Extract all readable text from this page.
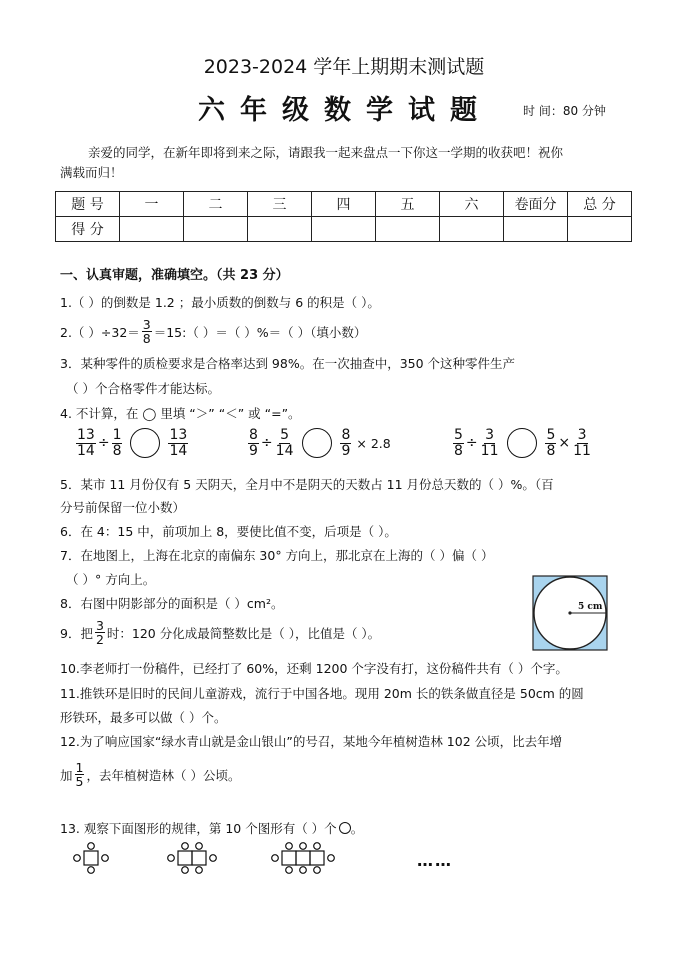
2023-2024 学年上期期末测试题
六年级数学试题	时 间：80 分钟
亲爱的同学，在新年即将到来之际，请跟我一起来盘点一下你这一学期的收获吧！祝你
满载而归！
题 号	一	二	三	四	五	六	卷面分	总 分
得 分								
一、认真审题，准确填空。（共 23 分）
1.（ ）的倒数是 1.2 ；最小质数的倒数与 6 的积是（ ）。
2.（ ）$\div 32= \frac{3}{8}$ ＝15:（ ）＝（ ）%＝（ ）（填小数）
3．某种零件的质检要求是合格率达到 98%。在一次抽查中，350 个这种零件生产
（ ）个合格零件才能达标。
4. 不计算，在 ◯ 里填 “＞” “＜” 或 “=”。
$\frac{13}{14} \div \frac{1}{8}$	$\frac{13}{14}$	$\frac{8}{9} \div \frac{5}{14}$	$\frac{8}{9} \times 2.8$	$\frac{5}{8} \div \frac{3}{11}$	$\frac{5}{8} \times \frac{3}{11}$
5．某市 11 月份仅有 5 天阴天，全月中不是阴天的天数占 11 月份总天数的（ ）%。（百
分号前保留一位小数）
6．在 4：15 中，前项加上 8，要使比值不变，后项是（ ）。
7．在地图上，上海在北京的南偏东 30° 方向上，那北京在上海的（ ）偏（ ）
（ ）° 方向上。
8．右图中阴影部分的面积是（ ）cm²。	5 cm
9．把 $\frac{3}{2}$ 时：120 分化成最简整数比是（ ），比值是（ ）。
10.李老师打一份稿件，已经打了 60%，还剩 1200 个字没有打，这份稿件共有（ ）个字。
11.推铁环是旧时的民间儿童游戏，流行于中国各地。现用 20m 长的铁条做直径是 50cm 的圆
形铁环，最多可以做（ ）个。
12.为了响应国家“绿水青山就是金山银山”的号召，某地今年植树造林 102 公顷，比去年增
加 $\frac{1}{5}$ ，去年植树造林（ ）公顷。
13. 观察下面图形的规律，第 10 个图形有（ ）个 。
……
